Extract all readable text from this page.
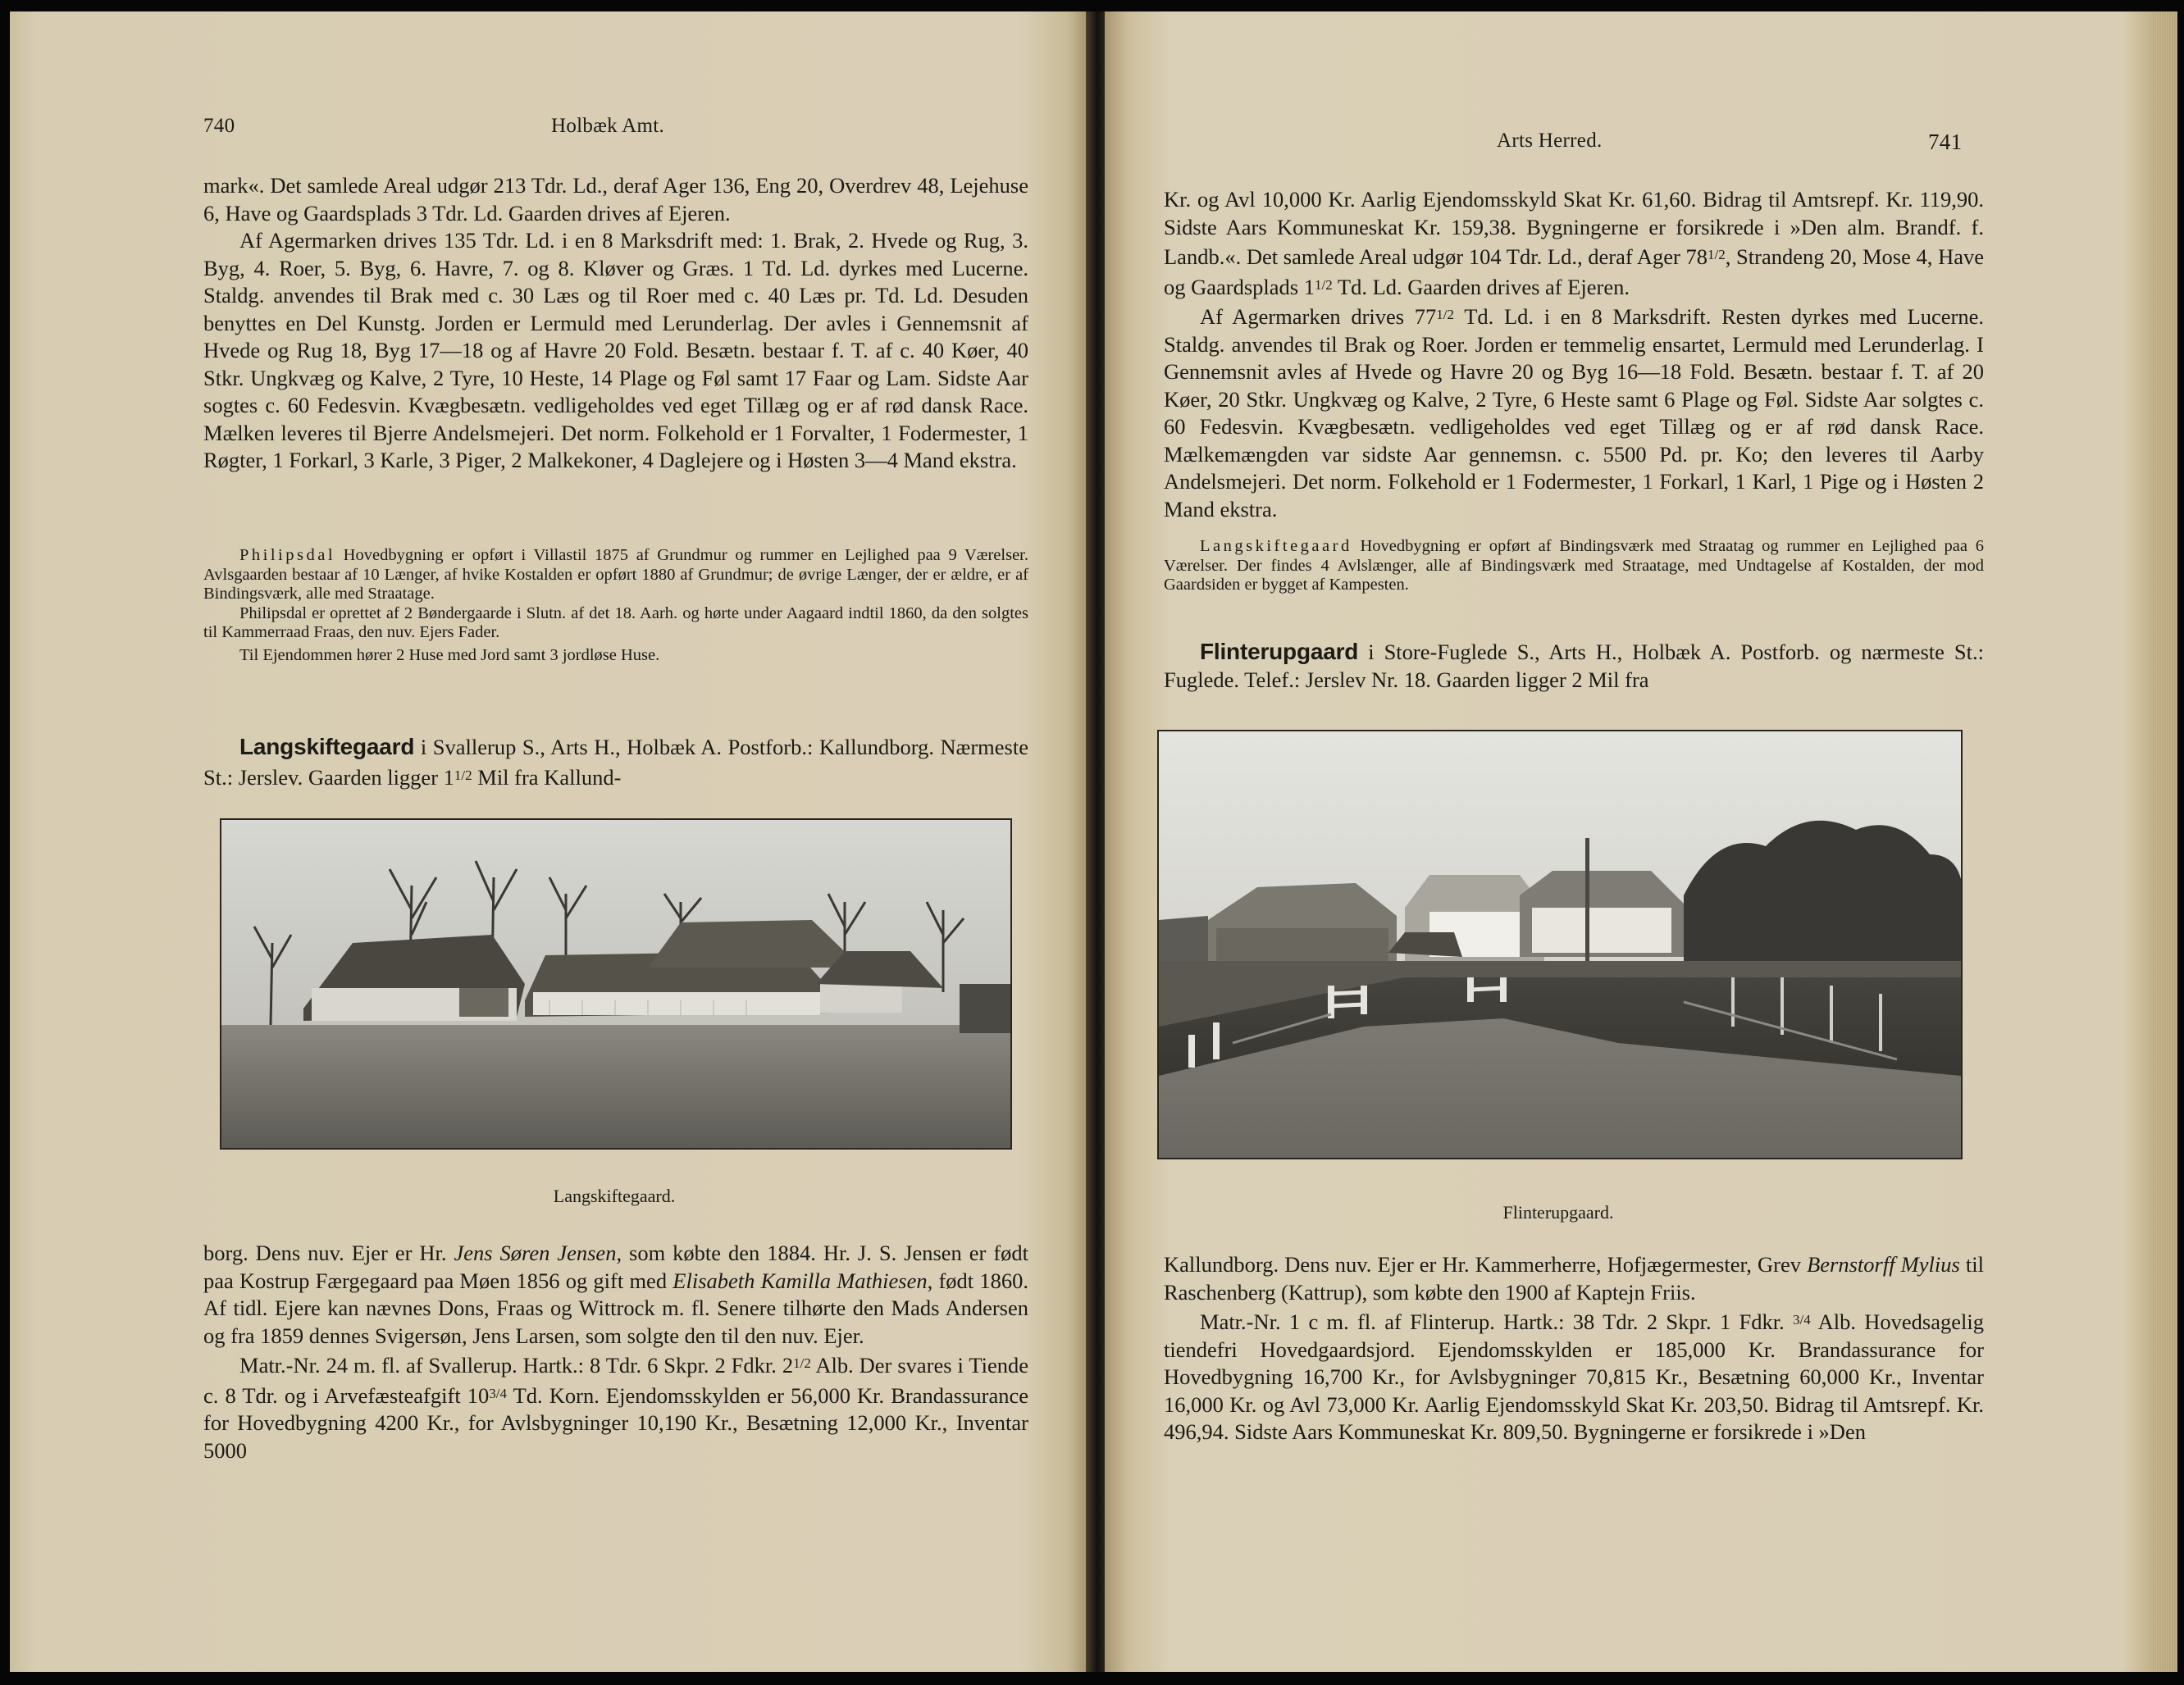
740	Holbæk Amt.

mark«. Det samlede Areal udgør 213 Tdr. Ld., deraf Ager 136, Eng 20, Overdrev 48, Lejehuse 6, Have og Gaardsplads 3 Tdr. Ld. Gaarden drives af Ejeren.

Af Agermarken drives 135 Tdr. Ld. i en 8 Marksdrift med: 1. Brak, 2. Hvede og Rug, 3. Byg, 4. Roer, 5. Byg, 6. Havre, 7. og 8. Kløver og Græs. 1 Td. Ld. dyrkes med Lucerne. Staldg. anvendes til Brak med c. 30 Læs og til Roer med c. 40 Læs pr. Td. Ld. Desuden benyttes en Del Kunstg. Jorden er Lermuld med Lerunderlag. Der avles i Gennemsnit af Hvede og Rug 18, Byg 17—18 og af Havre 20 Fold. Besætn. bestaar f. T. af c. 40 Køer, 40 Stkr. Ungkvæg og Kalve, 2 Tyre, 10 Heste, 14 Plage og Føl samt 17 Faar og Lam. Sidste Aar sogtes c. 60 Fedesvin. Kvægbesætn. vedligeholdes ved eget Tillæg og er af rød dansk Race. Mælken leveres til Bjerre Andelsmejeri. Det norm. Folkehold er 1 Forvalter, 1 Fodermester, 1 Røgter, 1 Forkarl, 3 Karle, 3 Piger, 2 Malkekoner, 4 Daglejere og i Høsten 3—4 Mand ekstra.

Philipsdal Hovedbygning er opført i Villastil 1875 af Grundmur og rummer en Lejlighed paa 9 Værelser. Avlsgaarden bestaar af 10 Længer, af hvike Kostalden er opført 1880 af Grundmur; de øvrige Længer, der er ældre, er af Bindingsværk, alle med Straatage.

Philipsdal er oprettet af 2 Bøndergaarde i Slutn. af det 18. Aarh. og hørte under Aagaard indtil 1860, da den solgtes til Kammerraad Fraas, den nuv. Ejers Fader.

Til Ejendommen hører 2 Huse med Jord samt 3 jordløse Huse.

Langskiftegaard i Svallerup S., Arts H., Holbæk A. Postforb.: Kallundborg. Nærmeste St.: Jerslev. Gaarden ligger $1^{1/2}$ Mil fra Kallund-

Langskiftegaard.

borg. Dens nuv. Ejer er Hr. Jens Søren Jensen, som købte den 1884. Hr. J. S. Jensen er født paa Kostrup Færgegaard paa Møen 1856 og gift med Elisabeth Kamilla Mathiesen, født 1860. Af tidl. Ejere kan nævnes Dons, Fraas og Wittrock m. fl. Senere tilhørte den Mads Andersen og fra 1859 dennes Svigersøn, Jens Larsen, som solgte den til den nuv. Ejer.

Matr.-Nr. 24 m. fl. af Svallerup. Hartk.: 8 Tdr. 6 Skpr. 2 Fdkr. $2^{1/2}$ Alb. Der svares i Tiende c. 8 Tdr. og i Arvefæsteafgift $10^{3/4}$ Td. Korn. Ejendomsskylden er 56,000 Kr. Brandassurance for Hovedbygning 4200 Kr., for Avlsbygninger 10,190 Kr., Besætning 12,000 Kr., Inventar 5000

Arts Herred.	741

Kr. og Avl 10,000 Kr. Aarlig Ejendomsskyld Skat Kr. 61,60. Bidrag til Amtsrepf. Kr. 119,90. Sidste Aars Kommuneskat Kr. 159,38. Bygningerne er forsikrede i »Den alm. Brandf. f. Landb.«. Det samlede Areal udgør 104 Tdr. Ld., deraf Ager $78^{1/2}$, Strandeng 20, Mose 4, Have og Gaardsplads $1^{1/2}$ Td. Ld. Gaarden drives af Ejeren.

Af Agermarken drives $77^{1/2}$ Td. Ld. i en 8 Marksdrift. Resten dyrkes med Lucerne. Staldg. anvendes til Brak og Roer. Jorden er temmelig ensartet, Lermuld med Lerunderlag. I Gennemsnit avles af Hvede og Havre 20 og Byg 16—18 Fold. Besætn. bestaar f. T. af 20 Køer, 20 Stkr. Ungkvæg og Kalve, 2 Tyre, 6 Heste samt 6 Plage og Føl. Sidste Aar solgtes c. 60 Fedesvin. Kvægbesætn. vedligeholdes ved eget Tillæg og er af rød dansk Race. Mælkemængden var sidste Aar gennemsn. c. 5500 Pd. pr. Ko; den leveres til Aarby Andelsmejeri. Det norm. Folkehold er 1 Fodermester, 1 Forkarl, 1 Karl, 1 Pige og i Høsten 2 Mand ekstra.

Langskiftegaard Hovedbygning er opført af Bindingsværk med Straatag og rummer en Lejlighed paa 6 Værelser. Der findes 4 Avlslænger, alle af Bindingsværk med Straatage, med Undtagelse af Kostalden, der mod Gaardsiden er bygget af Kampesten.

Flinterupgaard i Store-Fuglede S., Arts H., Holbæk A. Postforb. og nærmeste St.: Fuglede. Telef.: Jerslev Nr. 18. Gaarden ligger 2 Mil fra

Flinterupgaard.

Kallundborg. Dens nuv. Ejer er Hr. Kammerherre, Hofjægermester, Grev Bernstorff Mylius til Raschenberg (Kattrup), som købte den 1900 af Kaptejn Friis.

Matr.-Nr. 1 c m. fl. af Flinterup. Hartk.: 38 Tdr. 2 Skpr. 1 Fdkr. $^{3/4}$ Alb. Hovedsagelig tiendefri Hovedgaardsjord. Ejendomsskylden er 185,000 Kr. Brandassurance for Hovedbygning 16,700 Kr., for Avlsbygninger 70,815 Kr., Besætning 60,000 Kr., Inventar 16,000 Kr. og Avl 73,000 Kr. Aarlig Ejendomsskyld Skat Kr. 203,50. Bidrag til Amtsrepf. Kr. 496,94. Sidste Aars Kommuneskat Kr. 809,50. Bygningerne er forsikrede i »Den
